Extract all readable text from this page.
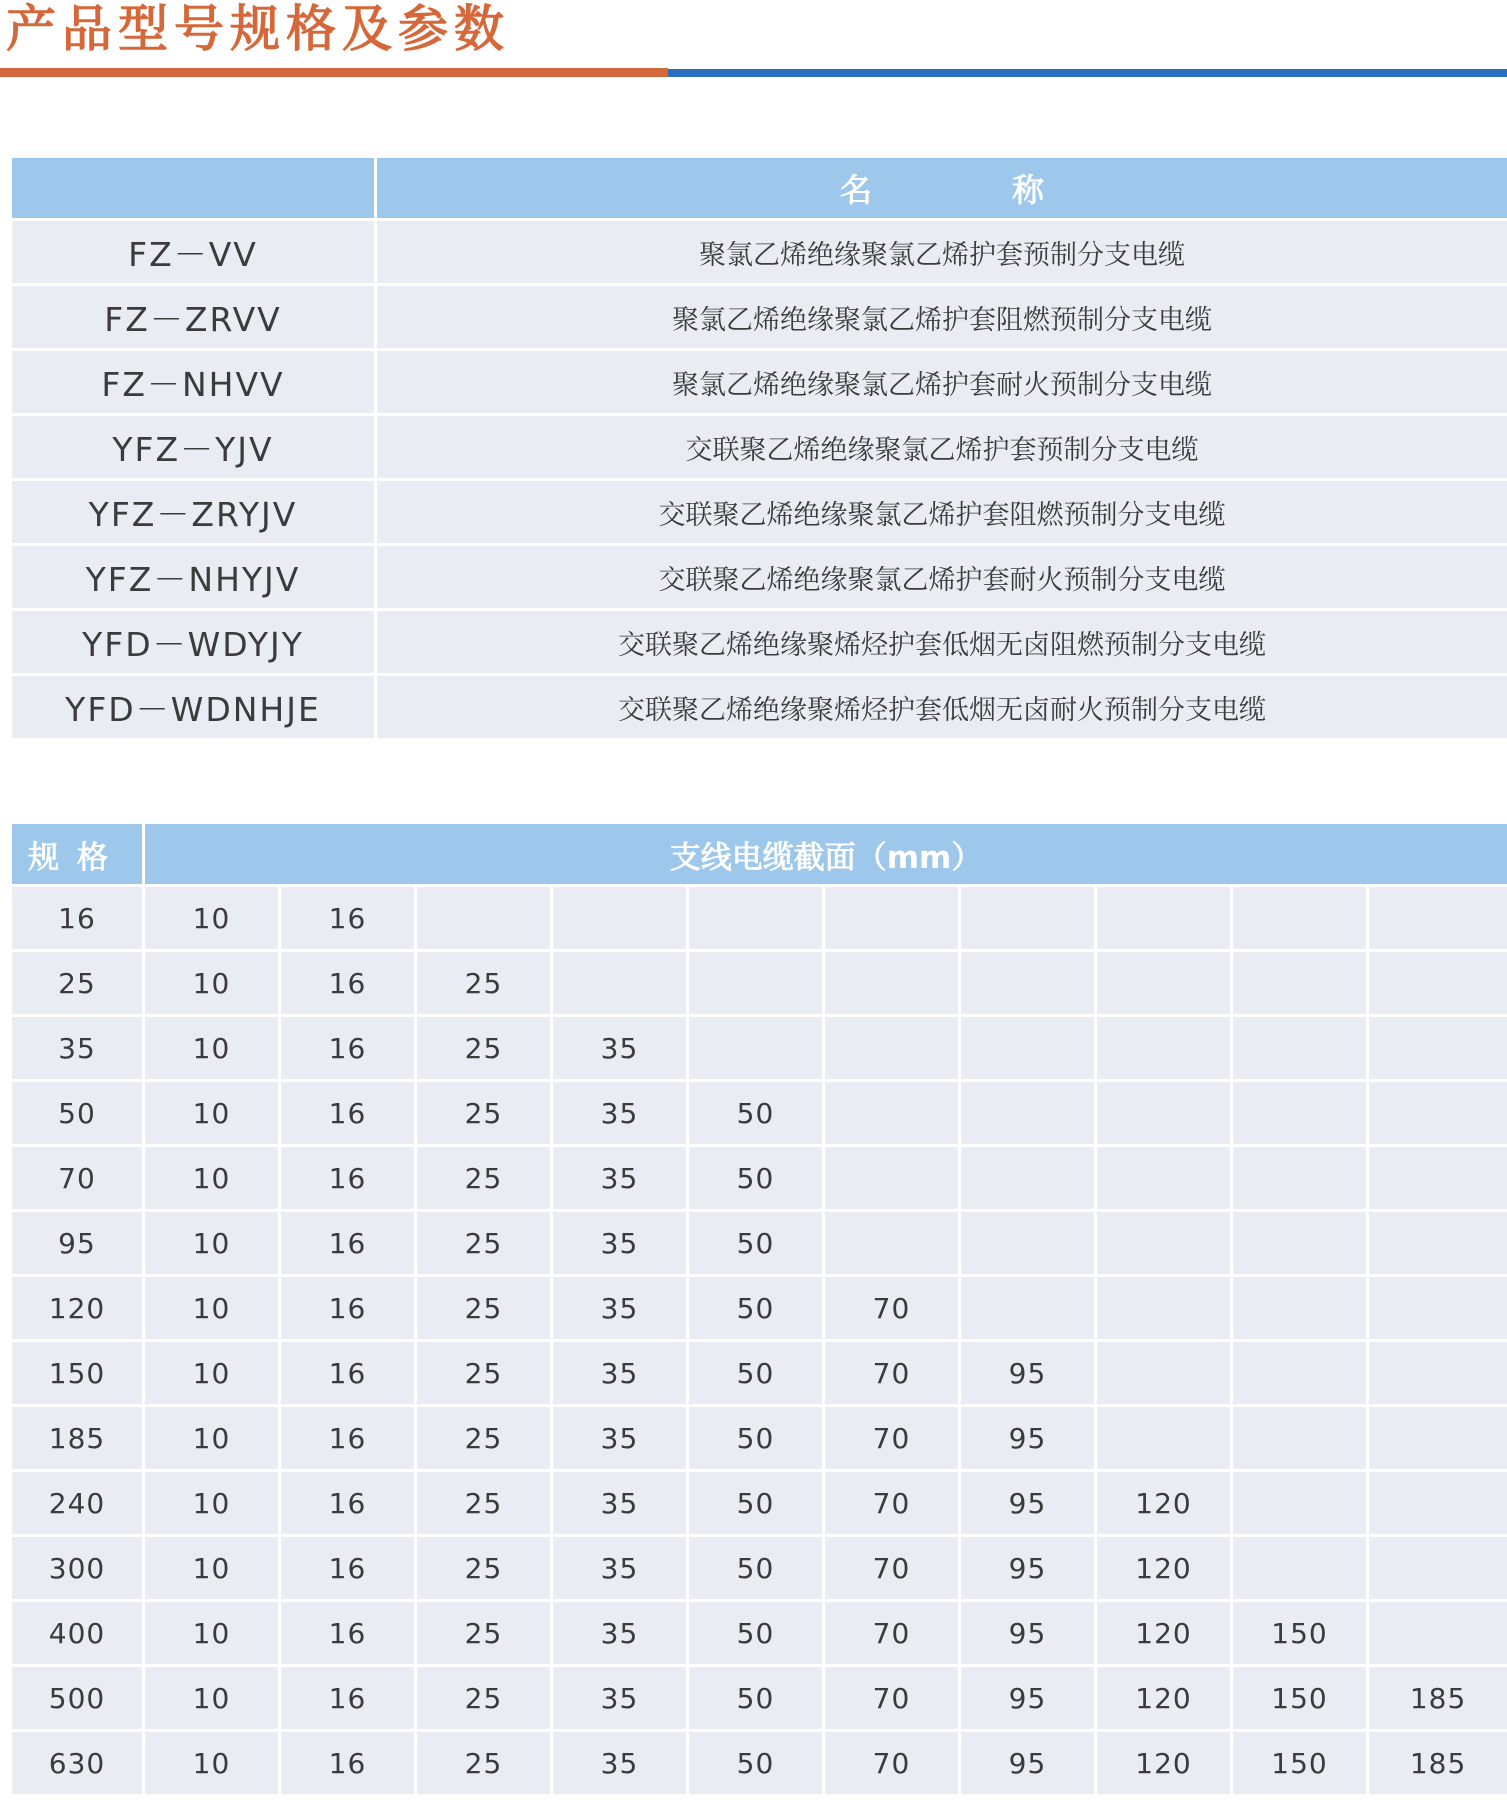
产品型号规格及参数
	名 称
FZ－VV	聚氯乙烯绝缘聚氯乙烯护套预制分支电缆
FZ－ZRVV	聚氯乙烯绝缘聚氯乙烯护套阻燃预制分支电缆
FZ－NHVV	聚氯乙烯绝缘聚氯乙烯护套耐火预制分支电缆
YFZ－YJV	交联聚乙烯绝缘聚氯乙烯护套预制分支电缆
YFZ－ZRYJV	交联聚乙烯绝缘聚氯乙烯护套阻燃预制分支电缆
YFZ－NHYJV	交联聚乙烯绝缘聚氯乙烯护套耐火预制分支电缆
YFD－WDYJY	交联聚乙烯绝缘聚烯烃护套低烟无卤阻燃预制分支电缆
YFD－WDNHJE	交联聚乙烯绝缘聚烯烃护套低烟无卤耐火预制分支电缆
规格	支线电缆截面（mm）									
16	10	16								
25	10	16	25							
35	10	16	25	35						
50	10	16	25	35	50					
70	10	16	25	35	50					
95	10	16	25	35	50					
120	10	16	25	35	50	70				
150	10	16	25	35	50	70	95			
185	10	16	25	35	50	70	95			
240	10	16	25	35	50	70	95	120		
300	10	16	25	35	50	70	95	120		
400	10	16	25	35	50	70	95	120	150	
500	10	16	25	35	50	70	95	120	150	185
630	10	16	25	35	50	70	95	120	150	185
